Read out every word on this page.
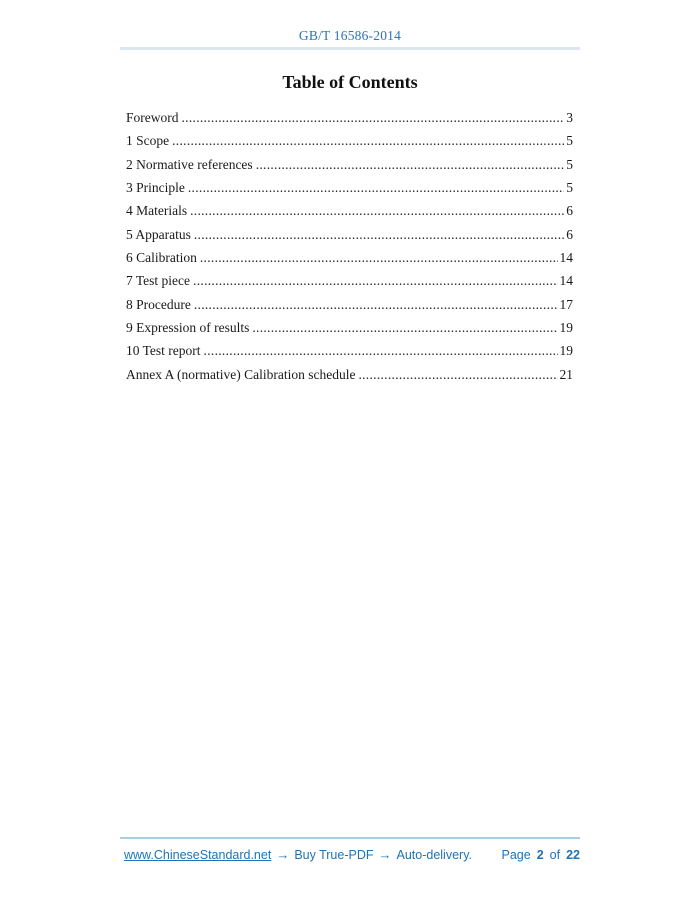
GB/T 16586-2014
Table of Contents
Foreword .....	3
1 Scope .....	5
2 Normative references .....	5
3 Principle .....	5
4 Materials .....	6
5 Apparatus .....	6
6 Calibration .....	14
7 Test piece .....	14
8 Procedure .....	17
9 Expression of results .....	19
10 Test report .....	19
Annex A (normative) Calibration schedule .....	21
www.ChineseStandard.net → Buy True-PDF → Auto-delivery. Page 2 of 22
